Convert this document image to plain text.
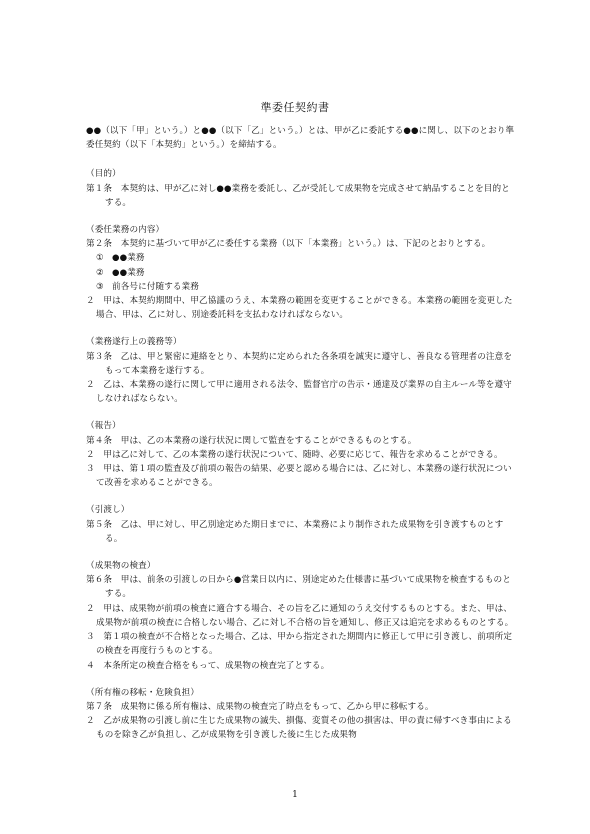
準委任契約書

●●（以下「甲」という。）と●●（以下「乙」という。）とは、甲が乙に委託する●●に関し、以下のとおり準委任契約（以下「本契約」という。）を締結する。

（目的）

第１条　 本契約は、甲が乙に対し●●業務を委託し、乙が受託して成果物を完成させて納品することを目的とする。

（委任業務の内容）

第２条　 本契約に基づいて甲が乙に委任する業務（以下「本業務」という。）は、下記のとおりとする。

① ●●業務
② ●●業務
③ 前各号に付随する業務

２　 甲は、本契約期間中、甲乙協議のうえ、本業務の範囲を変更することができる。本業務の範囲を変更した場合、甲は、乙に対し、別途委託料を支払わなければならない。

（業務遂行上の義務等）

第３条　 乙は、甲と緊密に連絡をとり、本契約に定められた各条項を誠実に遵守し、善良なる管理者の注意をもって本業務を遂行する。

２　 乙は、本業務の遂行に関して甲に適用される法令、監督官庁の告示・通達及び業界の自主ルール等を遵守しなければならない。

（報告）

第４条　 甲は、乙の本業務の遂行状況に関して監査をすることができるものとする。

２　 甲は乙に対して、乙の本業務の遂行状況について、随時、必要に応じて、報告を求めることができる。

３　 甲は、第１項の監査及び前項の報告の結果、必要と認める場合には、乙に対し、本業務の遂行状況について改善を求めることができる。

（引渡し）

第５条　 乙は、甲に対し、甲乙別途定めた期日までに、本業務により制作された成果物を引き渡すものとする。

（成果物の検査）

第６条　 甲は、前条の引渡しの日から●営業日以内に、別途定めた仕様書に基づいて成果物を検査するものとする。

２　 甲は、成果物が前項の検査に適合する場合、その旨を乙に通知のうえ交付するものとする。また、甲は、成果物が前項の検査に合格しない場合、乙に対し不合格の旨を通知し、修正又は追完を求めるものとする。

３　 第１項の検査が不合格となった場合、乙は、甲から指定された期間内に修正して甲に引き渡し、前項所定の検査を再度行うものとする。

４　 本条所定の検査合格をもって、成果物の検査完了とする。

（所有権の移転・危険負担）

第７条　 成果物に係る所有権は、成果物の検査完了時点をもって、乙から甲に移転する。

２　 乙が成果物の引渡し前に生じた成果物の滅失、損傷、変質その他の損害は、甲の責に帰すべき事由によるものを除き乙が負担し、乙が成果物を引き渡した後に生じた成果物

1
